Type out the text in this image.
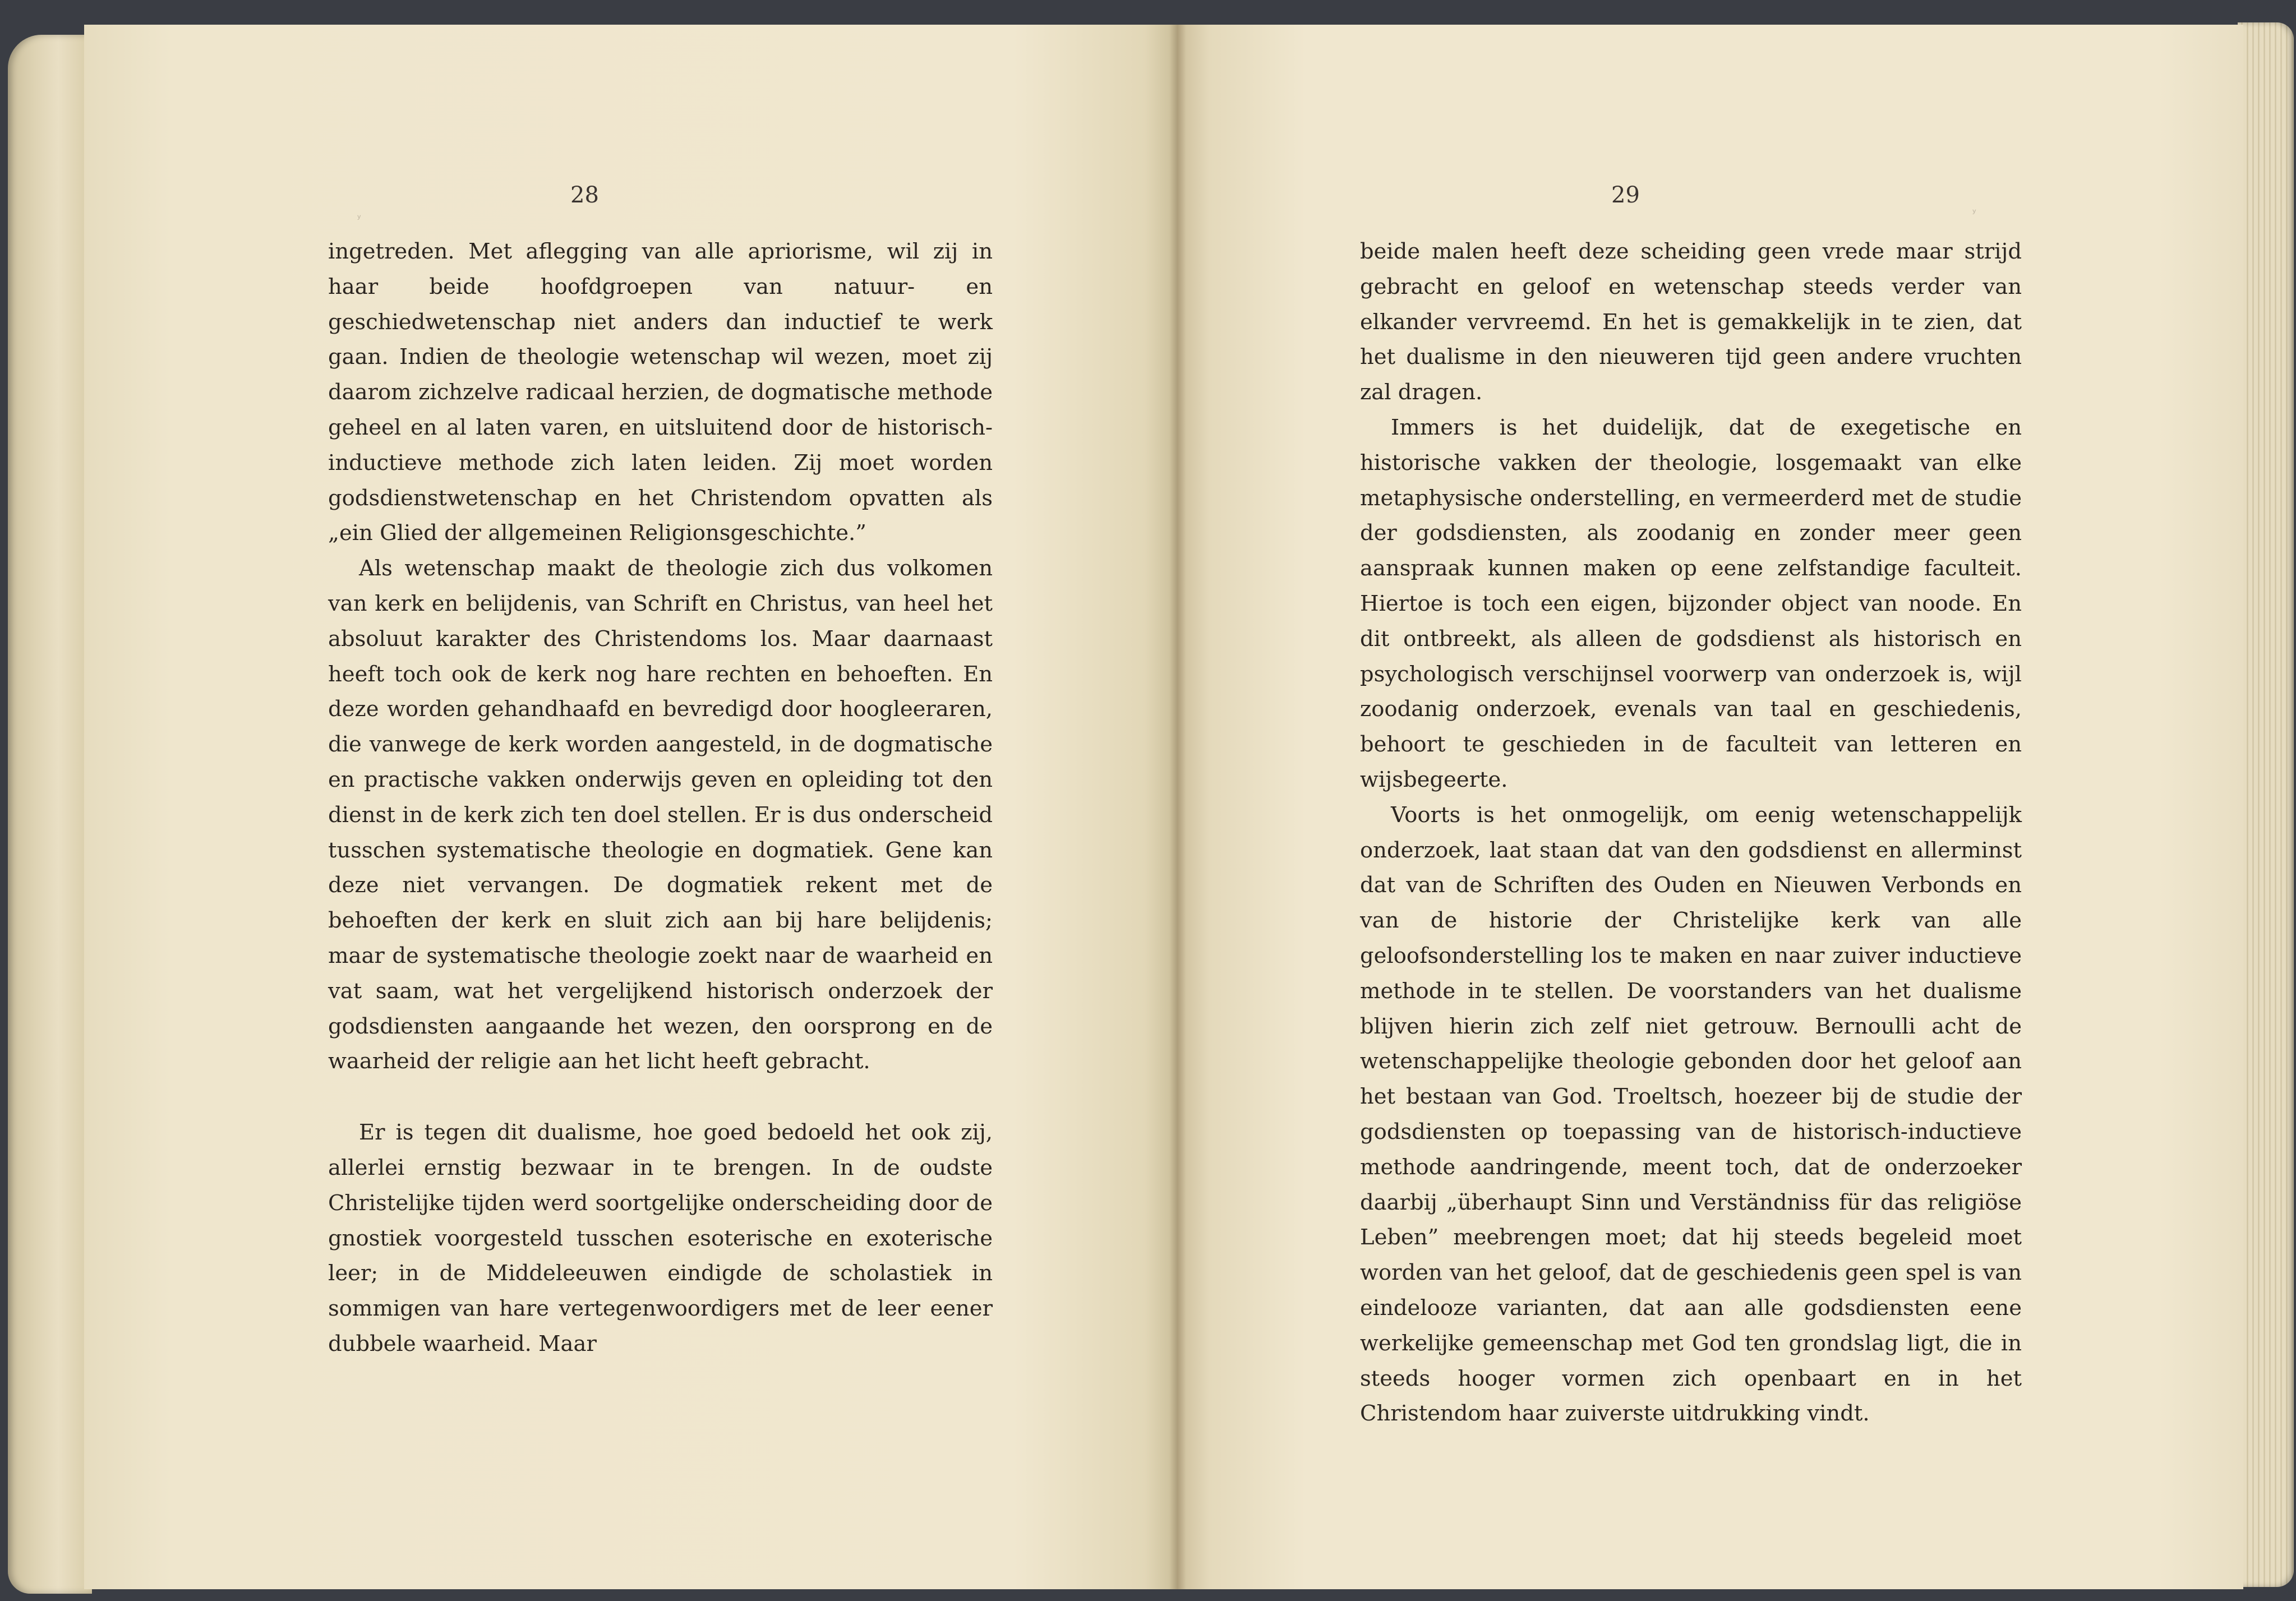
28

ingetreden. Met aflegging van alle apriorisme, wil zij in haar beide hoofdgroepen van natuur- en geschiedwetenschap niet anders dan inductief te werk gaan. Indien de theologie wetenschap wil wezen, moet zij daarom zichzelve radicaal herzien, de dogmatische methode geheel en al laten varen, en uitsluitend door de historisch-inductieve methode zich laten leiden. Zij moet worden godsdienstwetenschap en het Christendom opvatten als „ein Glied der allgemeinen Religionsgeschichte.”

Als wetenschap maakt de theologie zich dus volkomen van kerk en belijdenis, van Schrift en Christus, van heel het absoluut karakter des Christendoms los. Maar daarnaast heeft toch ook de kerk nog hare rechten en behoeften. En deze worden gehandhaafd en bevredigd door hoogleeraren, die vanwege de kerk worden aangesteld, in de dogmatische en practische vakken onderwijs geven en opleiding tot den dienst in de kerk zich ten doel stellen. Er is dus onderscheid tusschen systematische theologie en dogmatiek. Gene kan deze niet vervangen. De dogmatiek rekent met de behoeften der kerk en sluit zich aan bij hare belijdenis; maar de systematische theologie zoekt naar de waarheid en vat saam, wat het vergelijkend historisch onderzoek der godsdiensten aangaande het wezen, den oorsprong en de waarheid der religie aan het licht heeft gebracht.

Er is tegen dit dualisme, hoe goed bedoeld het ook zij, allerlei ernstig bezwaar in te brengen. In de oudste Christelijke tijden werd soortgelijke onderscheiding door de gnostiek voorgesteld tusschen esoterische en exoterische leer; in de Middeleeuwen eindigde de scholastiek in sommigen van hare vertegenwoordigers met de leer eener dubbele waarheid. Maar

29

beide malen heeft deze scheiding geen vrede maar strijd gebracht en geloof en wetenschap steeds verder van elkander vervreemd. En het is gemakkelijk in te zien, dat het dualisme in den nieuweren tijd geen andere vruchten zal dragen.

Immers is het duidelijk, dat de exegetische en historische vakken der theologie, losgemaakt van elke metaphysische onderstelling, en vermeerderd met de studie der godsdiensten, als zoodanig en zonder meer geen aanspraak kunnen maken op eene zelfstandige faculteit. Hiertoe is toch een eigen, bijzonder object van noode. En dit ontbreekt, als alleen de godsdienst als historisch en psychologisch verschijnsel voorwerp van onderzoek is, wijl zoodanig onderzoek, evenals van taal en geschiedenis, behoort te geschieden in de faculteit van letteren en wijsbegeerte.

Voorts is het onmogelijk, om eenig wetenschappelijk onderzoek, laat staan dat van den godsdienst en allerminst dat van de Schriften des Ouden en Nieuwen Verbonds en van de historie der Christelijke kerk van alle geloofsonderstelling los te maken en naar zuiver inductieve methode in te stellen. De voorstanders van het dualisme blijven hierin zich zelf niet getrouw. Bernoulli acht de wetenschappelijke theologie gebonden door het geloof aan het bestaan van God. Troeltsch, hoezeer bij de studie der godsdiensten op toepassing van de historisch-inductieve methode aandringende, meent toch, dat de onderzoeker daarbij „überhaupt Sinn und Verständniss für das religiöse Leben” meebrengen moet; dat hij steeds begeleid moet worden van het geloof, dat de geschiedenis geen spel is van eindelooze varianten, dat aan alle godsdiensten eene werkelijke gemeenschap met God ten grondslag ligt, die in steeds hooger vormen zich openbaart en in het Christendom haar zuiverste uitdrukking vindt.
